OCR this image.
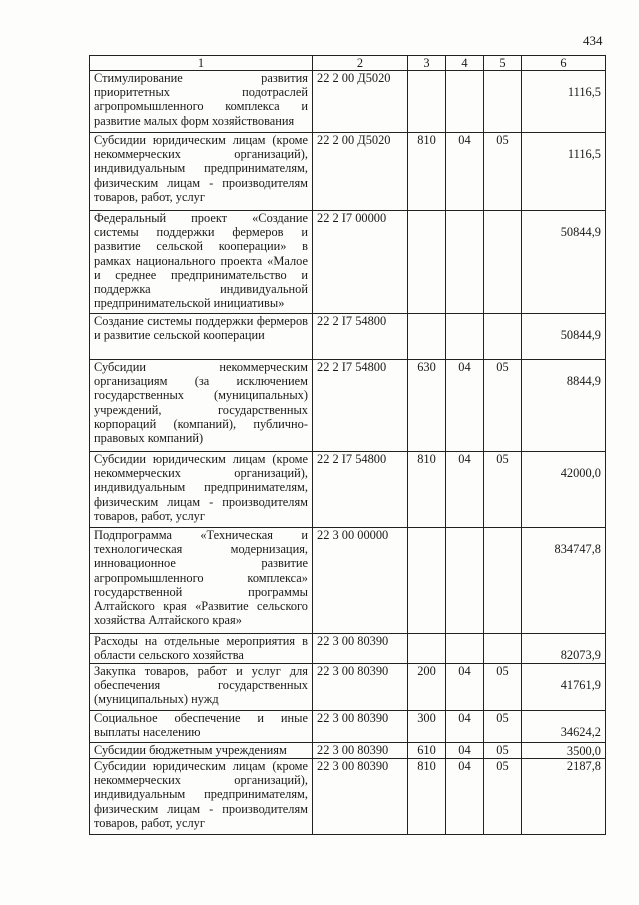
434
1	2	3	4	5	6
Стимулирование развития приоритетных подотраслей агропромышленного комплекса и развитие малых форм хозяйствования	22 2 00 Д5020				1116,5

Субсидии юридическим лицам (кроме некоммерческих организаций), индивидуальным предпринимателям, физическим лицам - производителям товаров, работ, услуг	22 2 00 Д5020	810	04	05	1116,5

Федеральный проект «Создание системы поддержки фермеров и развитие сельской кооперации» в рамках национального проекта «Малое и среднее предпринимательство и поддержка индивидуальной предпринимательской инициативы»	22 2 I7 00000				50844,9

Создание системы поддержки фермеров и развитие сельской кооперации	22 2 I7 54800				50844,9

Субсидии некоммерческим организациям (за исключением государственных (муниципальных) учреждений, государственных корпораций (компаний), публично-правовых компаний)	22 2 I7 54800	630	04	05	8844,9

Субсидии юридическим лицам (кроме некоммерческих организаций), индивидуальным предпринимателям, физическим лицам - производителям товаров, работ, услуг	22 2 I7 54800	810	04	05	42000,0

Подпрограмма «Техническая и технологическая модернизация, инновационное развитие агропромышленного комплекса» государственной программы Алтайского края «Развитие сельского хозяйства Алтайского края»	22 3 00 00000				834747,8

Расходы на отдельные мероприятия в области сельского хозяйства	22 3 00 80390				82073,9

Закупка товаров, работ и услуг для обеспечения государственных (муниципальных) нужд	22 3 00 80390	200	04	05	41761,9

Социальное обеспечение и иные выплаты населению	22 3 00 80390	300	04	05	34624,2

Субсидии бюджетным учреждениям	22 3 00 80390	610	04	05	3500,0

Субсидии юридическим лицам (кроме некоммерческих организаций), индивидуальным предпринимателям, физическим лицам - производителям товаров, работ, услуг	22 3 00 80390	810	04	05	2187,8
